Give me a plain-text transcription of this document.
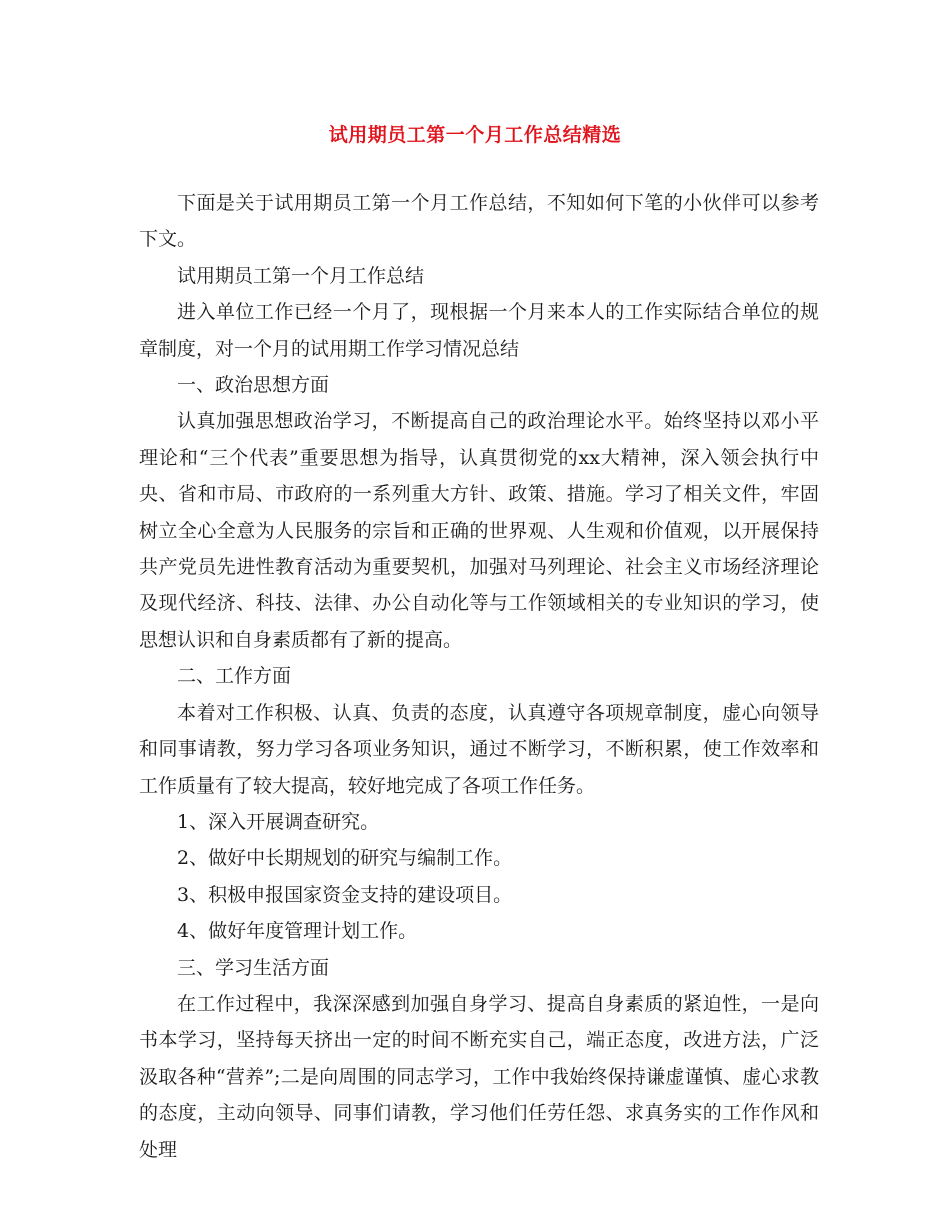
试用期员工第一个月工作总结精选

下面是关于试用期员工第一个月工作总结，不知如何下笔的小伙伴可以参考下文。

试用期员工第一个月工作总结

进入单位工作已经一个月了，现根据一个月来本人的工作实际结合单位的规章制度，对一个月的试用期工作学习情况总结

一、政治思想方面

认真加强思想政治学习，不断提高自己的政治理论水平。始终坚持以邓小平理论和“三个代表”重要思想为指导，认真贯彻党的xx大精神，深入领会执行中央、省和市局、市政府的一系列重大方针、政策、措施。学习了相关文件，牢固树立全心全意为人民服务的宗旨和正确的世界观、人生观和价值观，以开展保持共产党员先进性教育活动为重要契机，加强对马列理论、社会主义市场经济理论及现代经济、科技、法律、办公自动化等与工作领域相关的专业知识的学习，使思想认识和自身素质都有了新的提高。

二、工作方面

本着对工作积极、认真、负责的态度，认真遵守各项规章制度，虚心向领导和同事请教，努力学习各项业务知识，通过不断学习，不断积累，使工作效率和工作质量有了较大提高，较好地完成了各项工作任务。

1、深入开展调查研究。

2、做好中长期规划的研究与编制工作。

3、积极申报国家资金支持的建设项目。

4、做好年度管理计划工作。

三、学习生活方面

在工作过程中，我深深感到加强自身学习、提高自身素质的紧迫性，一是向书本学习，坚持每天挤出一定的时间不断充实自己，端正态度，改进方法，广泛汲取各种“营养”;二是向周围的同志学习，工作中我始终保持谦虚谨慎、虚心求教的态度，主动向领导、同事们请教，学习他们任劳任怨、求真务实的工作作风和处理
